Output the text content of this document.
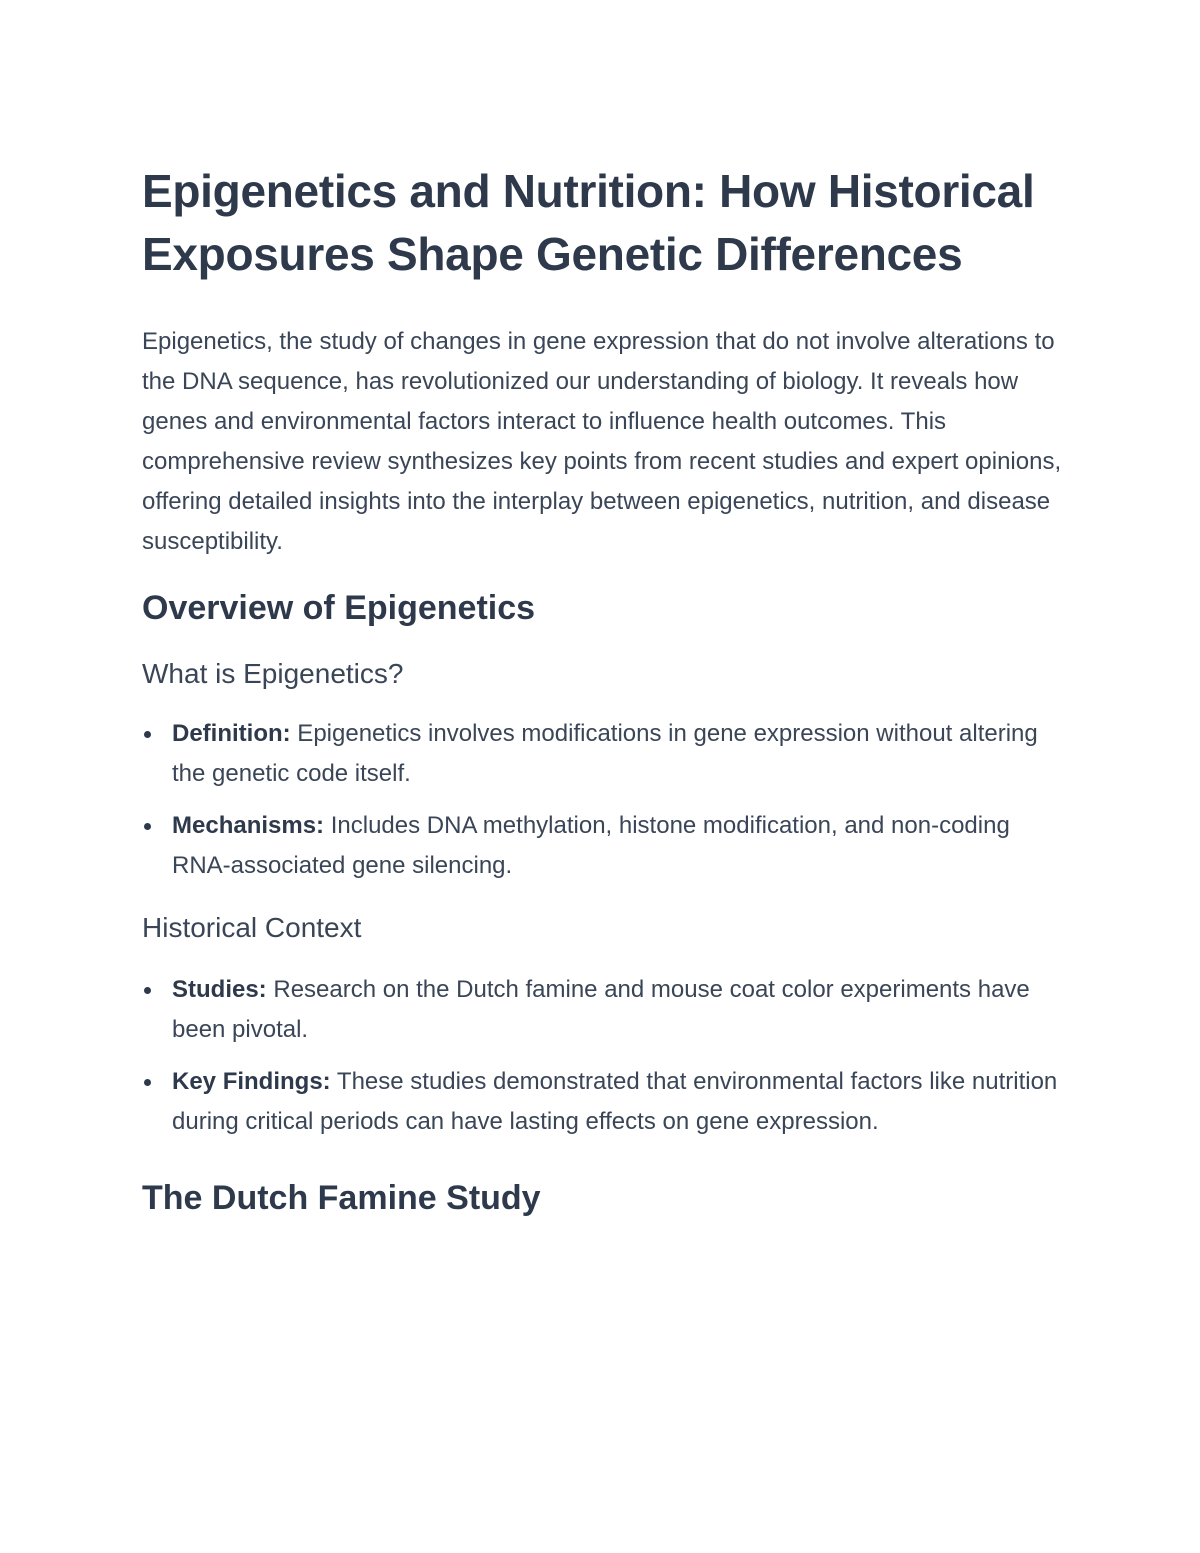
Epigenetics and Nutrition: How Historical Exposures Shape Genetic Differences

Epigenetics, the study of changes in gene expression that do not involve alterations to the DNA sequence, has revolutionized our understanding of biology. It reveals how genes and environmental factors interact to influence health outcomes. This comprehensive review synthesizes key points from recent studies and expert opinions, offering detailed insights into the interplay between epigenetics, nutrition, and disease susceptibility.

Overview of Epigenetics
What is Epigenetics?
Definition: Epigenetics involves modifications in gene expression without altering the genetic code itself.
Mechanisms: Includes DNA methylation, histone modification, and non-coding RNA-associated gene silencing.
Historical Context
Studies: Research on the Dutch famine and mouse coat color experiments have been pivotal.
Key Findings: These studies demonstrated that environmental factors like nutrition during critical periods can have lasting effects on gene expression.
The Dutch Famine Study
